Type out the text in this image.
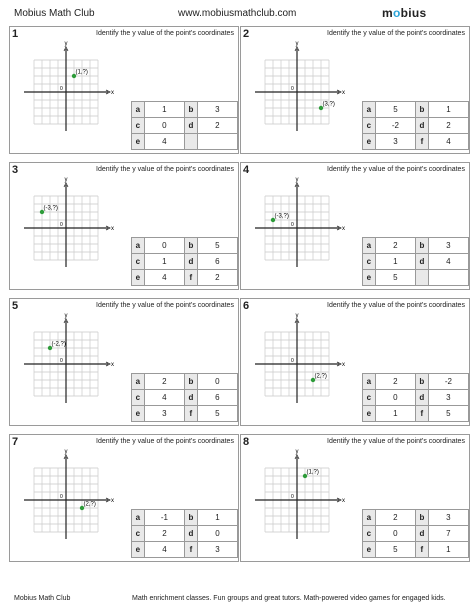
Mobius Math Club	www.mobiusmathclub.com	mobius
1	Identify the y value of the point's coordinates
x
y
0
(1,?)
a	1	b	3
c	0	d	2
e	4		
2	Identify the y value of the point's coordinates
x
y
0
(3,?)
a	5	b	1
c	-2	d	2
e	3	f	4
3	Identify the y value of the point's coordinates
x
y
0
(-3,?)
a	0	b	5
c	1	d	6
e	4	f	2
4	Identify the y value of the point's coordinates
x
y
0
(-3,?)
a	2	b	3
c	1	d	4
e	5		
5	Identify the y value of the point's coordinates
x
y
0
(-2,?)
a	2	b	0
c	4	d	6
e	3	f	5
6	Identify the y value of the point's coordinates
x
y
0
(2,?)
a	2	b	-2
c	0	d	3
e	1	f	5
7	Identify the y value of the point's coordinates
x
y
0
(2,?)
a	-1	b	1
c	2	d	0
e	4	f	3
8	Identify the y value of the point's coordinates
x
y
0
(1,?)
a	2	b	3
c	0	d	7
e	5	f	1
Mobius Math Club	Math enrichment classes. Fun groups and great tutors. Math-powered video games for engaged kids.
